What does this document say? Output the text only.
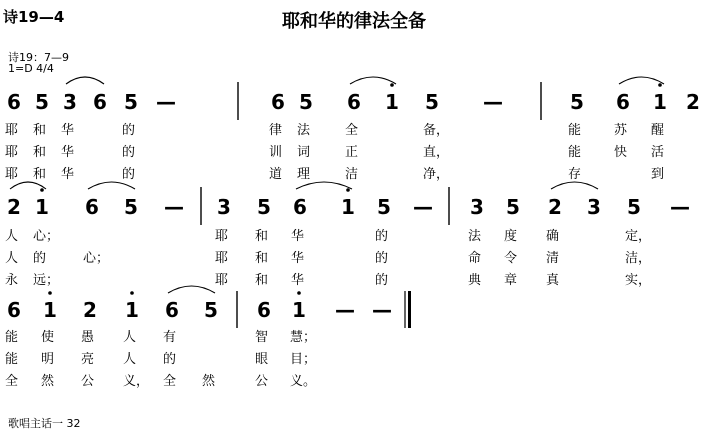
诗19—4	耶和华的律法全备
诗19：7—9
1=D 4/4
歌唱主话一 32
6 5 3 6 5 —	6 5 6 1 5 —	5 6 1 2
耶	和	华	的	律	法	全	备，	能	苏	醒
耶	和	华	的	训	词	正	直，	能	快	活
耶	和	华	的	道	理	洁	净，	存	到
2 1 6 5 — 3 5 6 1 5 — 3 5 2 3 5 —
人	心；	耶	和	华	的	法	度	确	定，
人	的	心；	耶	和	华	的	命	令	清	洁，
永	远；	耶	和	华	的	典	章	真	实，
6 1 2 1 6 5 6 1 — —
能	使	愚	人	有	智	慧；
能	明	亮	人	的	眼	目；
全	然	公	义，	全	然	公	义。
